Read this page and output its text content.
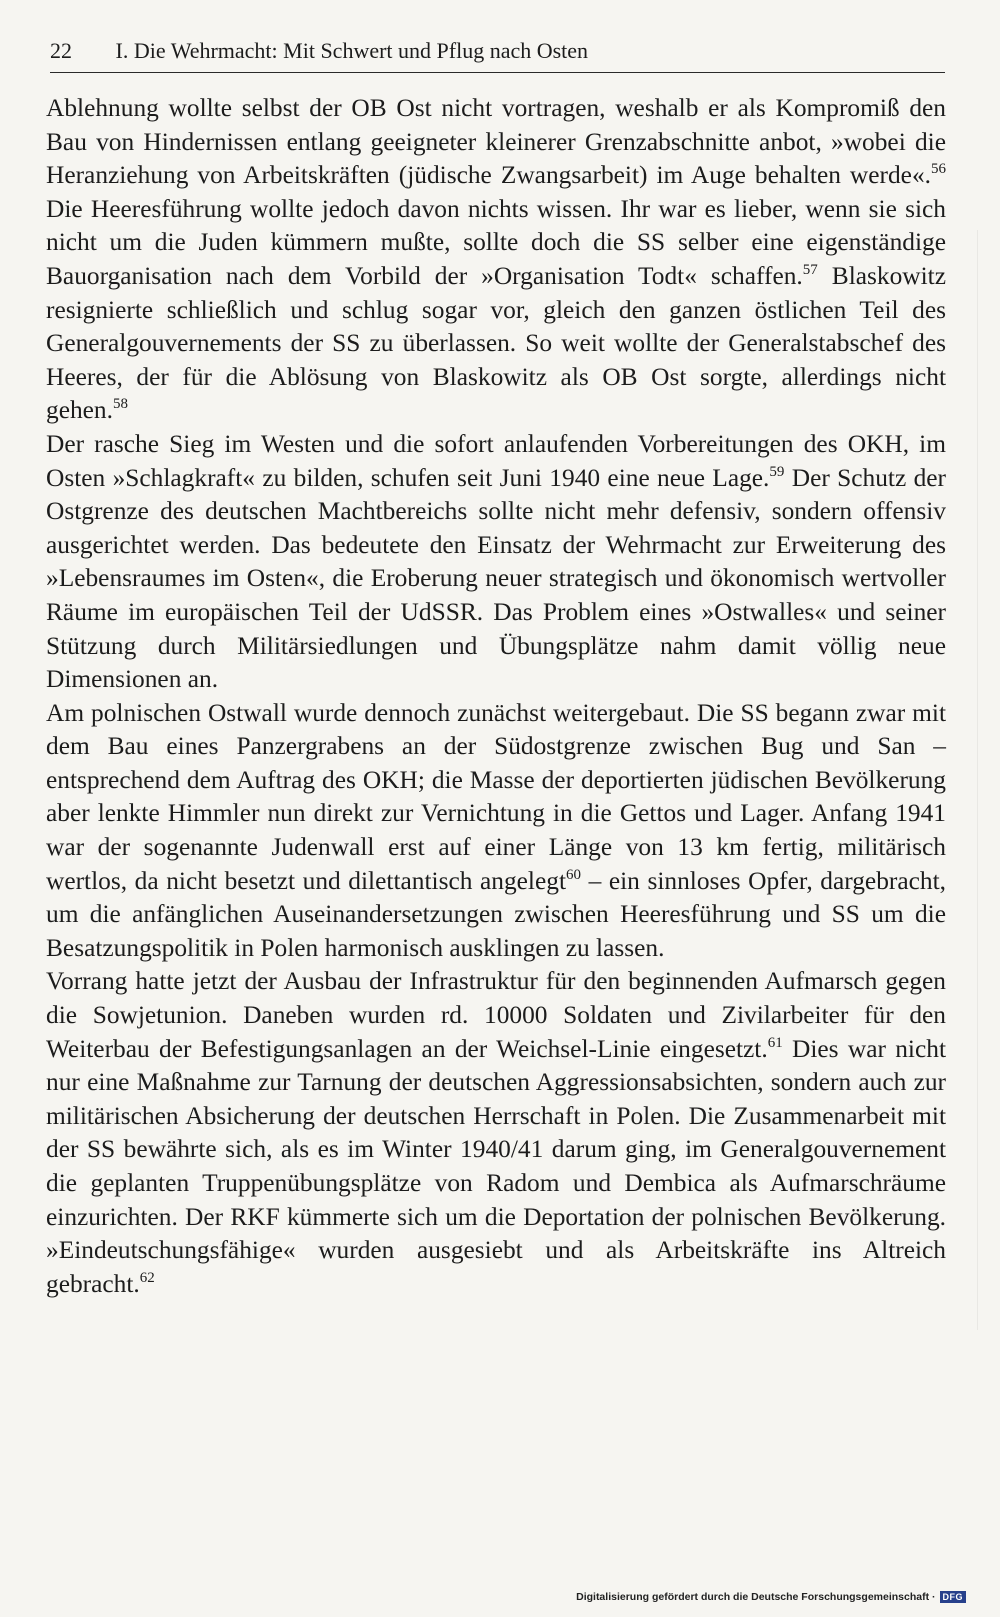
22 I. Die Wehrmacht: Mit Schwert und Pflug nach Osten

Ablehnung wollte selbst der OB Ost nicht vortragen, weshalb er als Kompromiß den Bau von Hindernissen entlang geeigneter kleinerer Grenzabschnitte anbot, »wobei die Heranziehung von Arbeitskräften (jüdische Zwangsarbeit) im Auge behalten werde«.$^{56}$ Die Heeresführung wollte jedoch davon nichts wissen. Ihr war es lieber, wenn sie sich nicht um die Juden kümmern mußte, sollte doch die SS selber eine eigenständige Bauorganisation nach dem Vorbild der »Organisation Todt« schaffen.$^{57}$ Blaskowitz resignierte schließlich und schlug sogar vor, gleich den ganzen östlichen Teil des Generalgouvernements der SS zu überlassen. So weit wollte der Generalstabschef des Heeres, der für die Ablösung von Blaskowitz als OB Ost sorgte, allerdings nicht gehen.$^{58}$

Der rasche Sieg im Westen und die sofort anlaufenden Vorbereitungen des OKH, im Osten »Schlagkraft« zu bilden, schufen seit Juni 1940 eine neue Lage.$^{59}$ Der Schutz der Ostgrenze des deutschen Machtbereichs sollte nicht mehr defensiv, sondern offensiv ausgerichtet werden. Das bedeutete den Einsatz der Wehrmacht zur Erweiterung des »Lebensraumes im Osten«, die Eroberung neuer strategisch und ökonomisch wertvoller Räume im europäischen Teil der UdSSR. Das Problem eines »Ostwalles« und seiner Stützung durch Militärsiedlungen und Übungsplätze nahm damit völlig neue Dimensionen an.

Am polnischen Ostwall wurde dennoch zunächst weitergebaut. Die SS begann zwar mit dem Bau eines Panzergrabens an der Südostgrenze zwischen Bug und San – entsprechend dem Auftrag des OKH; die Masse der deportierten jüdischen Bevölkerung aber lenkte Himmler nun direkt zur Vernichtung in die Gettos und Lager. Anfang 1941 war der sogenannte Judenwall erst auf einer Länge von 13 km fertig, militärisch wertlos, da nicht besetzt und dilettantisch angelegt$^{60}$ – ein sinnloses Opfer, dargebracht, um die anfänglichen Auseinandersetzungen zwischen Heeresführung und SS um die Besatzungspolitik in Polen harmonisch ausklingen zu lassen.

Vorrang hatte jetzt der Ausbau der Infrastruktur für den beginnenden Aufmarsch gegen die Sowjetunion. Daneben wurden rd. 10000 Soldaten und Zivilarbeiter für den Weiterbau der Befestigungsanlagen an der Weichsel-Linie eingesetzt.$^{61}$ Dies war nicht nur eine Maßnahme zur Tarnung der deutschen Aggressionsabsichten, sondern auch zur militärischen Absicherung der deutschen Herrschaft in Polen. Die Zusammenarbeit mit der SS bewährte sich, als es im Winter 1940/41 darum ging, im Generalgouvernement die geplanten Truppenübungsplätze von Radom und Dembica als Aufmarschräume einzurichten. Der RKF kümmerte sich um die Deportation der polnischen Bevölkerung. »Eindeutschungsfähige« wurden ausgesiebt und als Arbeitskräfte ins Altreich gebracht.$^{62}$

Digitalisierung gefördert durch die Deutsche Forschungsgemeinschaft · DFG
